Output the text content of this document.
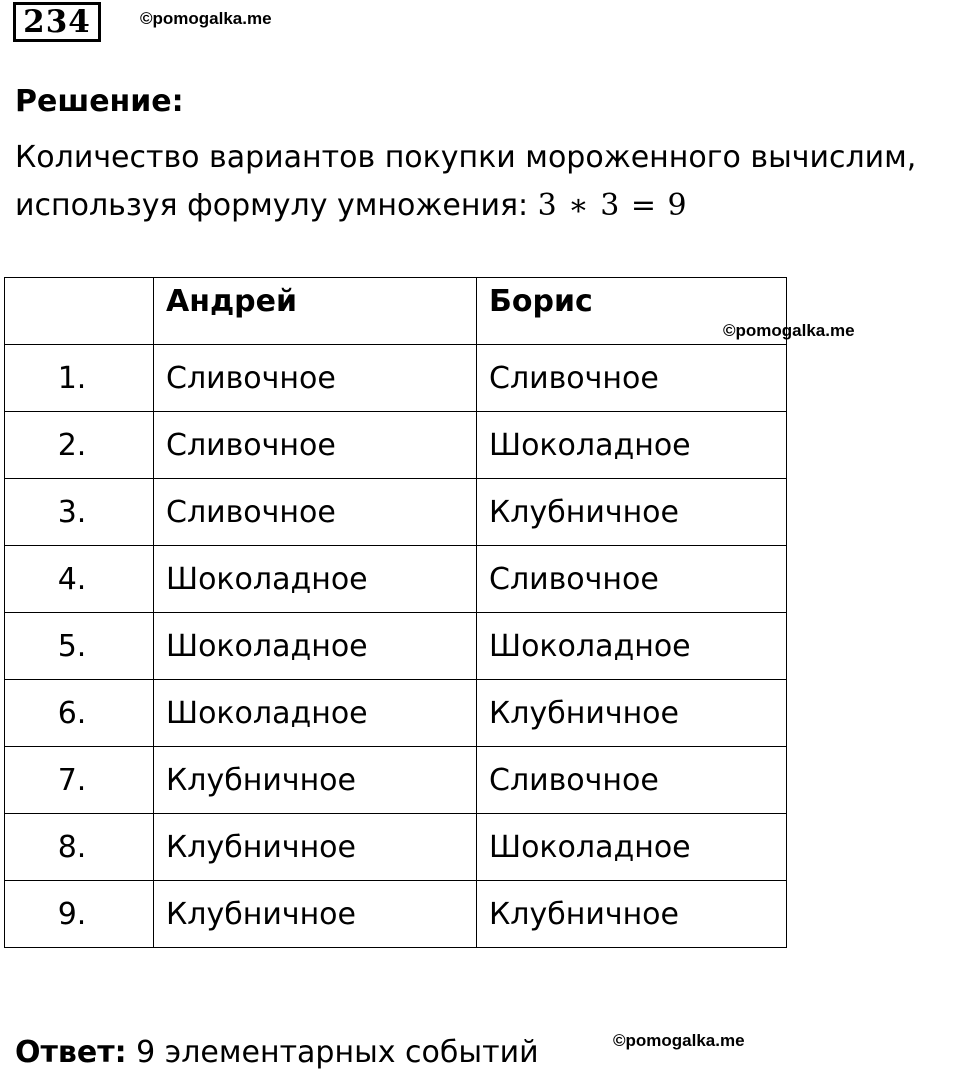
234	©pomogalka.me
Решение:
Количество вариантов покупки мороженного вычислим,
используя формулу умножения: 3 ∗ 3 = 9
	Андрей	Борис
1.	Сливочное	Сливочное
2.	Сливочное	Шоколадное
3.	Сливочное	Клубничное
4.	Шоколадное	Сливочное
5.	Шоколадное	Шоколадное
6.	Шоколадное	Клубничное
7.	Клубничное	Сливочное
8.	Клубничное	Шоколадное
9.	Клубничное	Клубничное
©pomogalka.me
Ответ: 9 элементарных событий	©pomogalka.me
